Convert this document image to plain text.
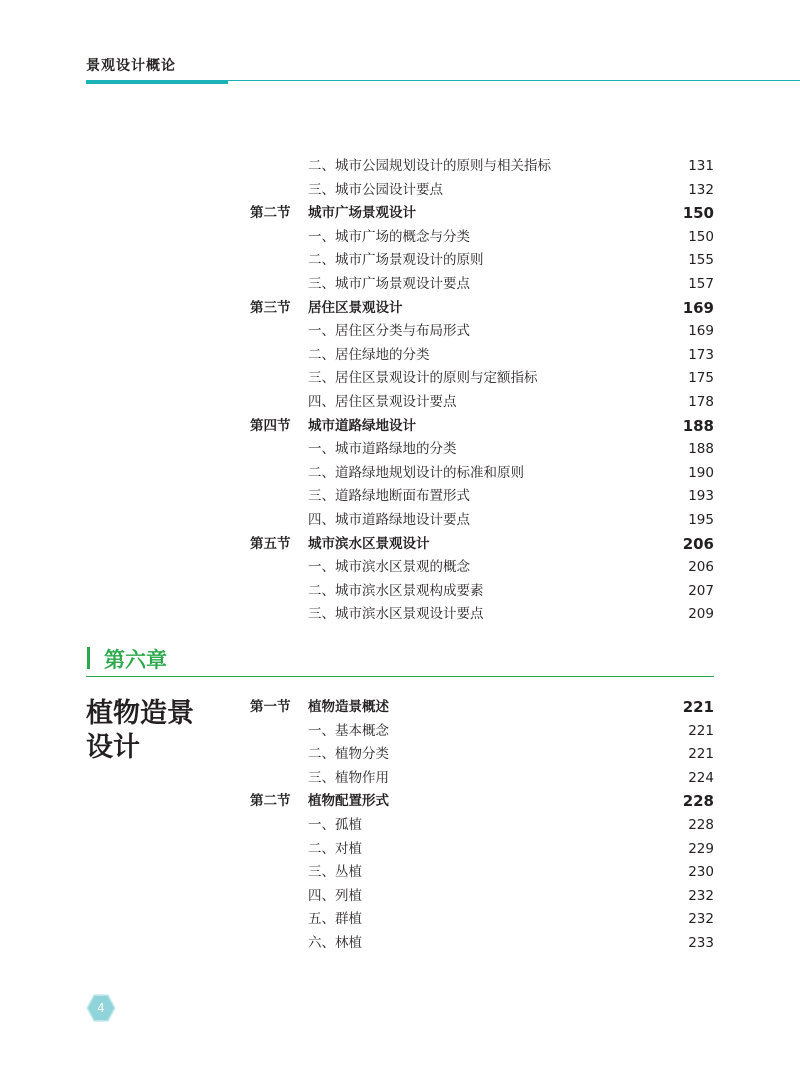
景观设计概论
二、城市公园规划设计的原则与相关指标	131
三、城市公园设计要点	132
第二节 城市广场景观设计	150
一、城市广场的概念与分类	150
二、城市广场景观设计的原则	155
三、城市广场景观设计要点	157
第三节 居住区景观设计	169
一、居住区分类与布局形式	169
二、居住绿地的分类	173
三、居住区景观设计的原则与定额指标	175
四、居住区景观设计要点	178
第四节 城市道路绿地设计	188
一、城市道路绿地的分类	188
二、道路绿地规划设计的标准和原则	190
三、道路绿地断面布置形式	193
四、城市道路绿地设计要点	195
第五节 城市滨水区景观设计	206
一、城市滨水区景观的概念	206
二、城市滨水区景观构成要素	207
三、城市滨水区景观设计要点	209
第六章
植物造景
设计
第一节 植物造景概述	221
一、基本概念	221
二、植物分类	221
三、植物作用	224
第二节 植物配置形式	228
一、孤植	228
二、对植	229
三、丛植	230
四、列植	232
五、群植	232
六、林植	233
4
